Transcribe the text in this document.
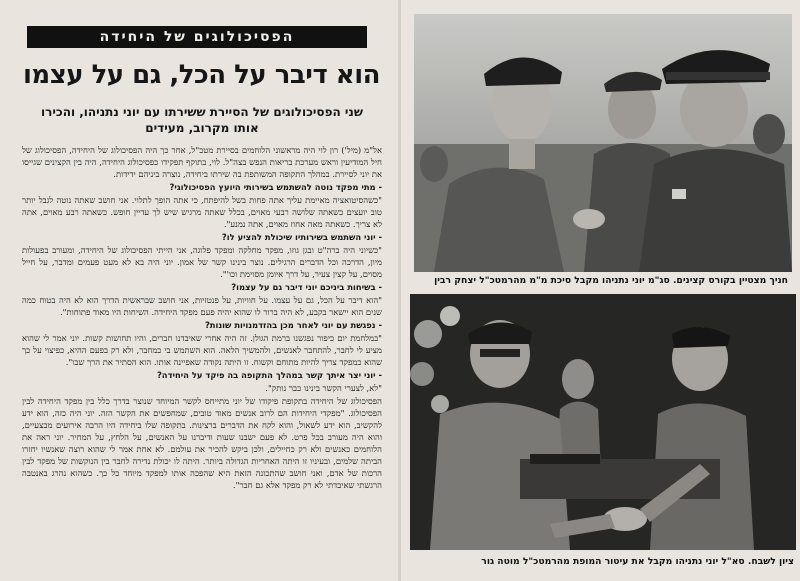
הפסיכולוגים של היחידה
הוא דיבר על הכל, גם על עצמו
שני הפסיכולוגים של הסיירת ששירתו עם יוני נתניהו, והכירו אותו מקרוב, מעידים

אל"מ (מיל') רון לוי היה מראשוני הלוחמים בסיירת מטכ"ל, אחר כך היה הפסיכולוג של היחידה, הפסיכולוג של חיל המודיעין וראש מערכת בריאות הנפש בצה"ל. לוי, בתוקף תפקידו כפסיכולוג היחידה, היה בין הקצינים שגייסו את יוני לסיירת. במהלך התקופה המשותפת בה שירתו ביחידה, נוצרה ביניהם ידידות.

- מתי מפקד נוטה להשתמש בשירותי היועץ הפסיכולוגי?

"כשהסיטואציה מאיימת עליך אתה פחות בשל להיפתח, כי אתה הופך לתלוי. אני חושב שאתה נוטה לגבל יותר טוב יועצים כשאתה שלושה רבעי מאוים, בכלל שאתה מרגיש שיש לך עדיין חופש. כשאתה רבע מאוים, אתה לא צריך. כשאתה מאה אחוז מאוים, אתה נמנע".

- יוני השתמש בשירותיו שיכולת להציע לו?

"כשיוני היה ברה"ט ובגן גוזו, מפקד מחלקה ומפקד פלוגה, אני הייתי הפסיכולוג של היחידה, ומעורב בפעולות מיון, הדרכה וכל הדברים הרגילים. נוצר בינינו קשר של אמון. יוני היה בא לא מעט פעמים ומדבר, על חייל מסוים, על קצין צעיר, על דרך איומן מסוימת וכו'".

- בשיחות ביניכם יוני דיבר גם על עצמו?

"הוא דיבר על הכל, גם על עצמו. על חוויות, על פנטזיות, אני חושב שבראשית הדרך הוא לא היה בטוח כמה שנים הוא יישאר בקבע, לא היה ברור לו שהוא יהיה פעם מפקד היחידה. השיחות היו מאוד פתוחות".

- נפגשת עם יוני לאחר מכן בהזדמנויות שונות?

"במלחמת יום כיפור נפגשנו ברמת הגולן. זה היה אחרי שאיבדנו חברים, והיו תחושות קשות. יוני אמר לי שהוא מציע לי לחבר, להתחבר לאנשים, ולהמשיך הלאה. הוא השתמש בי כמחבר, ולא רק בפעם ההיא, כפיצוי על כך שהוא כמפקד צריך להיות מתוחם וקשוח. זו היתה נקודה שאפיינה אותו. הוא הסתיר את הרך שבו".

- יוני יצר איתך קשר במהלך התקופה בה פיקד על היחידה?

"לא, לצערי הקשר בינינו כבר נותק".

הפסיכולוג של היחידה בתקופת פיקודו של יוני מתייחס לקשר המיוחד שנוצר בדרך כלל בין מפקד היחידה לבין הפסיכולוג. "מפקדי היחידות הם לרוב אנשים מאוד טובים, שמחפשים את הקשר הזה. יוני היה כזה, הוא ידע להקשיב, הוא ידע לשאול, והוא לקח את הדברים ברצינות. בתקופה שלו ביחידה היו הרבה אירועים מבצעיים, והוא היה מעורב בכל פרט. לא פעם ישבנו שעות ודיברנו על האנשים, על הלחץ, על המחיר. יוני ראה את הלוחמים כאנשים ולא רק כחיילים, ולכן ביקש להכיר את עולמם. לא אחת אמר לי שהוא רוצה שאנשיו יחזרו הביתה שלמים, ובעיניו זו היתה האחריות הגדולה ביותר. היתה לו יכולת נדירה לחבר בין הנוקשות של מפקד לבין הרכות של אדם, ואני חושב שהתכונה הזאת היא שהפכה אותו למפקד מיוחד כל כך. כשהוא נהרג באנטבה הרגשתי שאיבדתי לא רק מפקד אלא גם חבר".

חניך מצטיין בקורס קצינים. סג"מ יוני נתניהו מקבל סיכת מ"מ מהרמטכ"ל יצחק רבין
ציון לשבח. סא"ל יוני נתניהו מקבל את עיטור המופת מהרמטכ"ל מוטה גור
